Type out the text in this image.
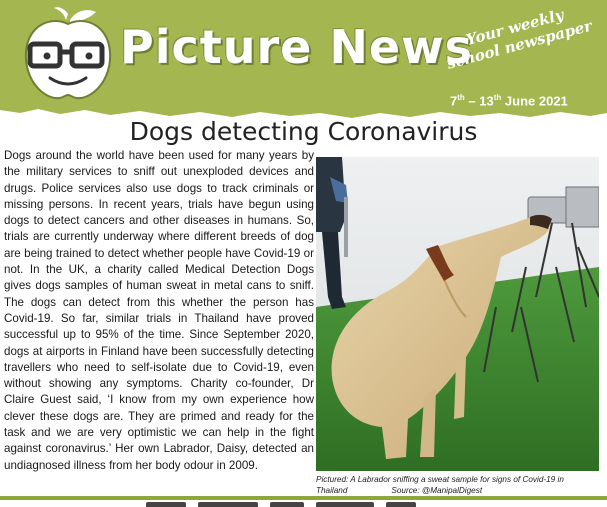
Picture News
Your weekly school newspaper
7th – 13th June 2021
Dogs detecting Coronavirus
Dogs around the world have been used for many years by the military services to sniff out unexploded devices and drugs. Police services also use dogs to track criminals or missing persons. In recent years, trials have begun using dogs to detect cancers and other diseases in humans. So, trials are currently underway where different breeds of dog are being trained to detect whether people have Covid-19 or not. In the UK, a charity called Medical Detection Dogs gives dogs samples of human sweat in metal cans to sniff. The dogs can detect from this whether the person has Covid-19. So far, similar trials in Thailand have proved successful up to 95% of the time. Since September 2020, dogs at airports in Finland have been successfully detecting travellers who need to self-isolate due to Covid-19, even without showing any symptoms. Charity co-founder, Dr Claire Guest said, ‘I know from my own experience how clever these dogs are. They are primed and ready for the task and we are very optimistic we can help in the fight against coronavirus.’ Her own Labrador, Daisy, detected an undiagnosed illness from her body odour in 2009.
Pictured: A Labrador sniffing a sweat sample for signs of Covid-19 in Thailand	Source: @ManipalDigest
